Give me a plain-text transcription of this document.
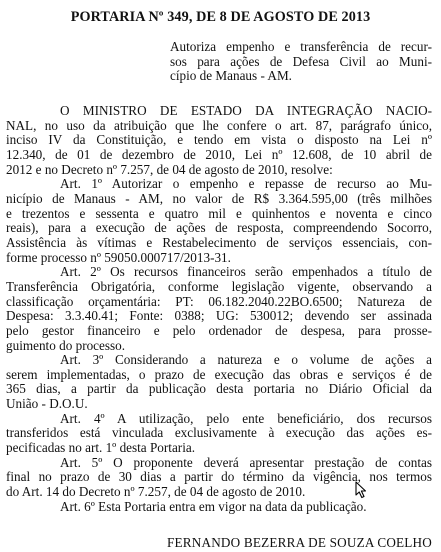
PORTARIA Nº 349, DE 8 DE AGOSTO DE 2013
Autoriza empenho e transferência de recur-
sos para ações de Defesa Civil ao Muni-
cípio de Manaus - AM.
O MINISTRO DE ESTADO DA INTEGRAÇÃO NACIO-
NAL, no uso da atribuição que lhe confere o art. 87, parágrafo único,
inciso IV da Constituição, e tendo em vista o disposto na Lei nº
12.340, de 01 de dezembro de 2010, Lei nº 12.608, de 10 abril de
2012 e no Decreto nº 7.257, de 04 de agosto de 2010, resolve:
Art. 1º Autorizar o empenho e repasse de recurso ao Mu-
nicípio de Manaus - AM, no valor de R$ 3.364.595,00 (três milhões
e trezentos e sessenta e quatro mil e quinhentos e noventa e cinco
reais), para a execução de ações de resposta, compreendendo Socorro,
Assistência às vítimas e Restabelecimento de serviços essenciais, con-
forme processo nº 59050.000717/2013-31.
Art. 2º Os recursos financeiros serão empenhados a título de
Transferência Obrigatória, conforme legislação vigente, observando a
classificação orçamentária: PT: 06.182.2040.22BO.6500; Natureza de
Despesa: 3.3.40.41; Fonte: 0388; UG: 530012; devendo ser assinada
pelo gestor financeiro e pelo ordenador de despesa, para prosse-
guimento do processo.
Art. 3º Considerando a natureza e o volume de ações a
serem implementadas, o prazo de execução das obras e serviços é de
365 dias, a partir da publicação desta portaria no Diário Oficial da
União - D.O.U.
Art. 4º A utilização, pelo ente beneficiário, dos recursos
transferidos está vinculada exclusivamente à execução das ações es-
pecificadas no art. 1º desta Portaria.
Art. 5º O proponente deverá apresentar prestação de contas
final no prazo de 30 dias a partir do término da vigência, nos termos
do Art. 14 do Decreto nº 7.257, de 04 de agosto de 2010.
Art. 6º Esta Portaria entra em vigor na data da publicação.
FERNANDO BEZERRA DE SOUZA COELHO
